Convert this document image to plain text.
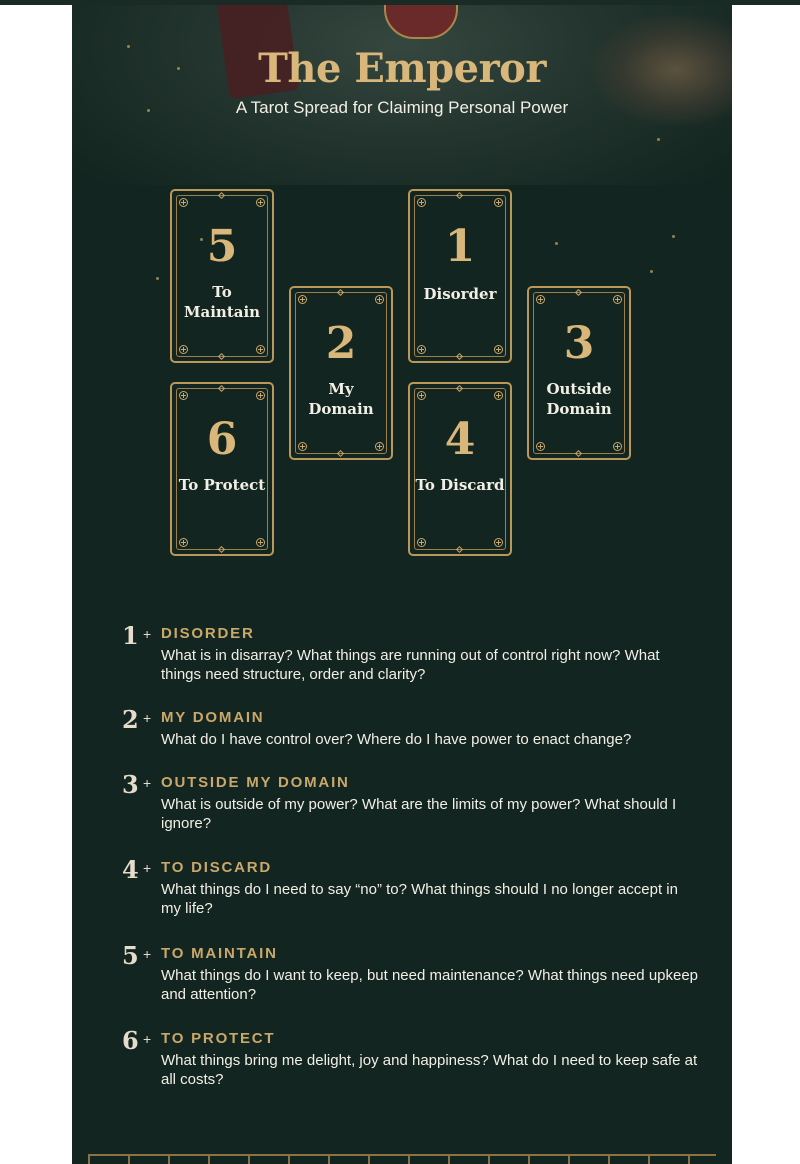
The Emperor

A Tarot Spread for Claiming Personal Power

5
To Maintain
1
Disorder
2
My Domain
3
Outside Domain
6
To Protect
4
To Discard
1 + DISORDER
What is in disarray? What things are running out of control right now? What things need structure, order and clarity?
2 + MY DOMAIN
What do I have control over? Where do I have power to enact change?
3 + OUTSIDE MY DOMAIN
What is outside of my power? What are the limits of my power? What should I ignore?
4 + TO DISCARD
What things do I need to say “no” to? What things should I no longer accept in my life?
5 + TO MAINTAIN
What things do I want to keep, but need maintenance? What things need upkeep and attention?
6 + TO PROTECT
What things bring me delight, joy and happiness? What do I need to keep safe at all costs?
